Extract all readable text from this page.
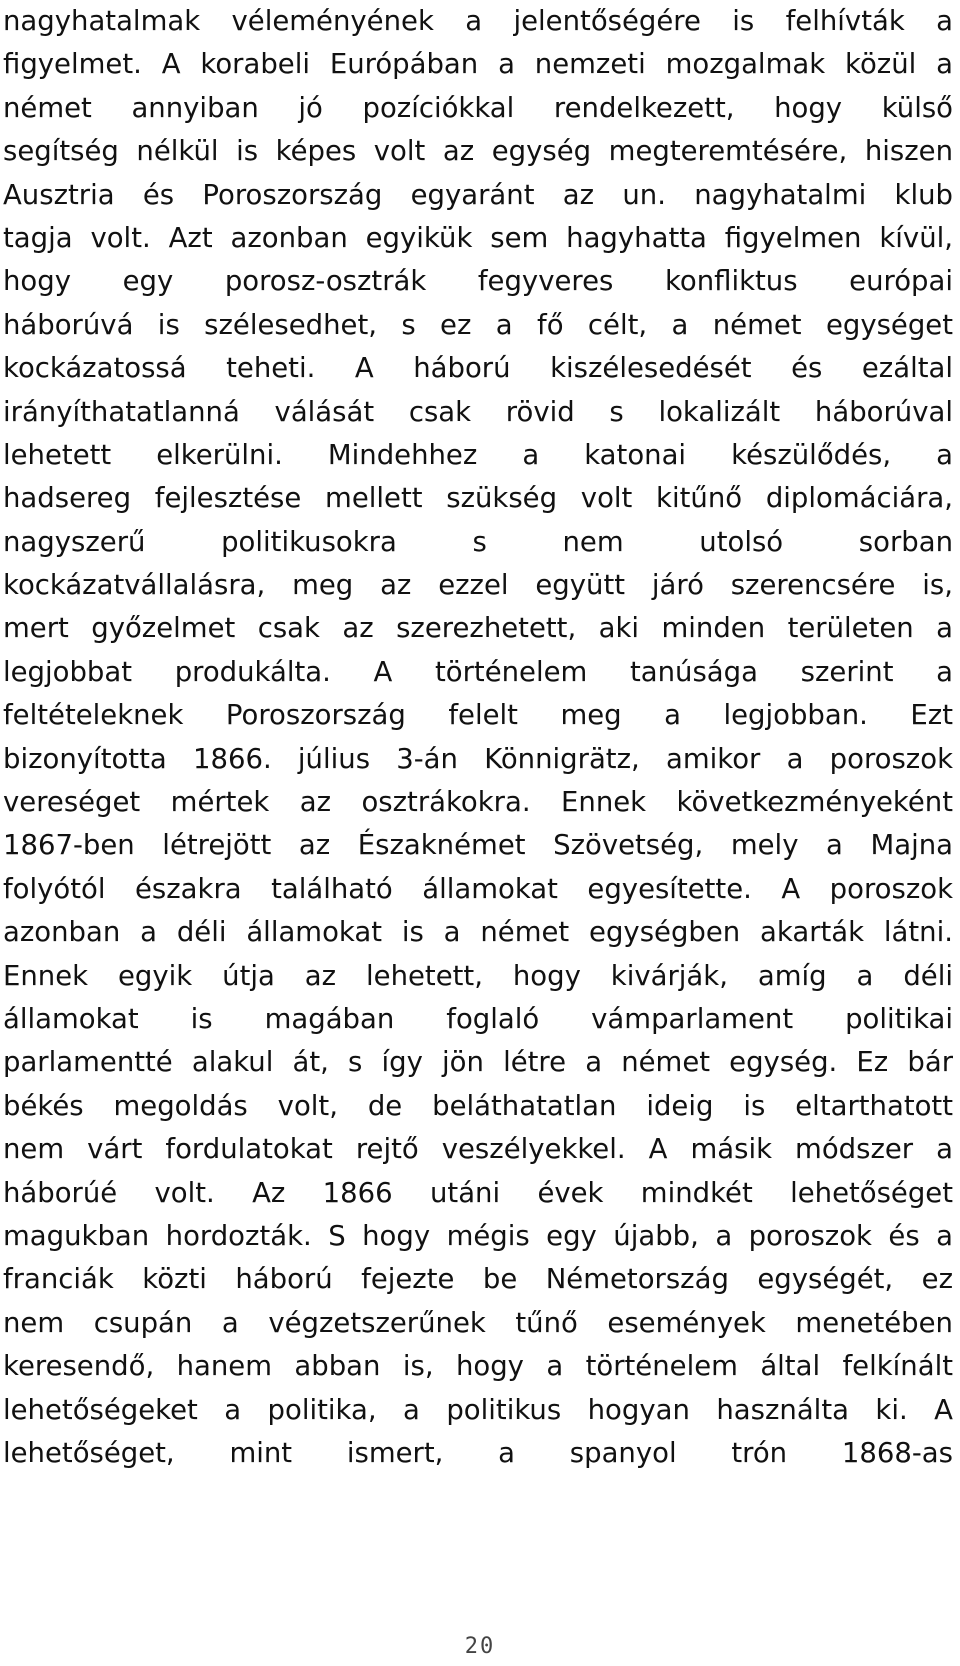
nagyhatalmak véleményének a jelentőségére is felhívták a
figyelmet. A korabeli Európában a nemzeti mozgalmak közül a
német annyiban jó pozíciókkal rendelkezett, hogy külső
segítség nélkül is képes volt az egység megteremtésére, hiszen
Ausztria és Poroszország egyaránt az un. nagyhatalmi klub
tagja volt. Azt azonban egyikük sem hagyhatta figyelmen kívül,
hogy egy porosz-osztrák fegyveres konfliktus európai
háborúvá is szélesedhet, s ez a fő célt, a német egységet
kockázatossá teheti. A háború kiszélesedését és ezáltal
irányíthatatlanná válását csak rövid s lokalizált háborúval
lehetett elkerülni. Mindehhez a katonai készülődés, a
hadsereg fejlesztése mellett szükség volt kitűnő diplomáciára,
nagyszerű politikusokra s nem utolsó sorban
kockázatvállalásra, meg az ezzel együtt járó szerencsére is,
mert győzelmet csak az szerezhetett, aki minden területen a
legjobbat produkálta. A történelem tanúsága szerint a
feltételeknek Poroszország felelt meg a legjobban. Ezt
bizonyította 1866. július 3-án Könnigrätz, amikor a poroszok
vereséget mértek az osztrákokra. Ennek következményeként
1867-ben létrejött az Északnémet Szövetség, mely a Majna
folyótól északra található államokat egyesítette. A poroszok
azonban a déli államokat is a német egységben akarták látni.
Ennek egyik útja az lehetett, hogy kivárják, amíg a déli
államokat is magában foglaló vámparlament politikai
parlamentté alakul át, s így jön létre a német egység. Ez bár
békés megoldás volt, de beláthatatlan ideig is eltarthatott
nem várt fordulatokat rejtő veszélyekkel. A másik módszer a
háborúé volt. Az 1866 utáni évek mindkét lehetőséget
magukban hordozták. S hogy mégis egy újabb, a poroszok és a
franciák közti háború fejezte be Németország egységét, ez
nem csupán a végzetszerűnek tűnő események menetében
keresendő, hanem abban is, hogy a történelem által felkínált
lehetőségeket a politika, a politikus hogyan használta ki. A
lehetőséget, mint ismert, a spanyol trón 1868-as
20
